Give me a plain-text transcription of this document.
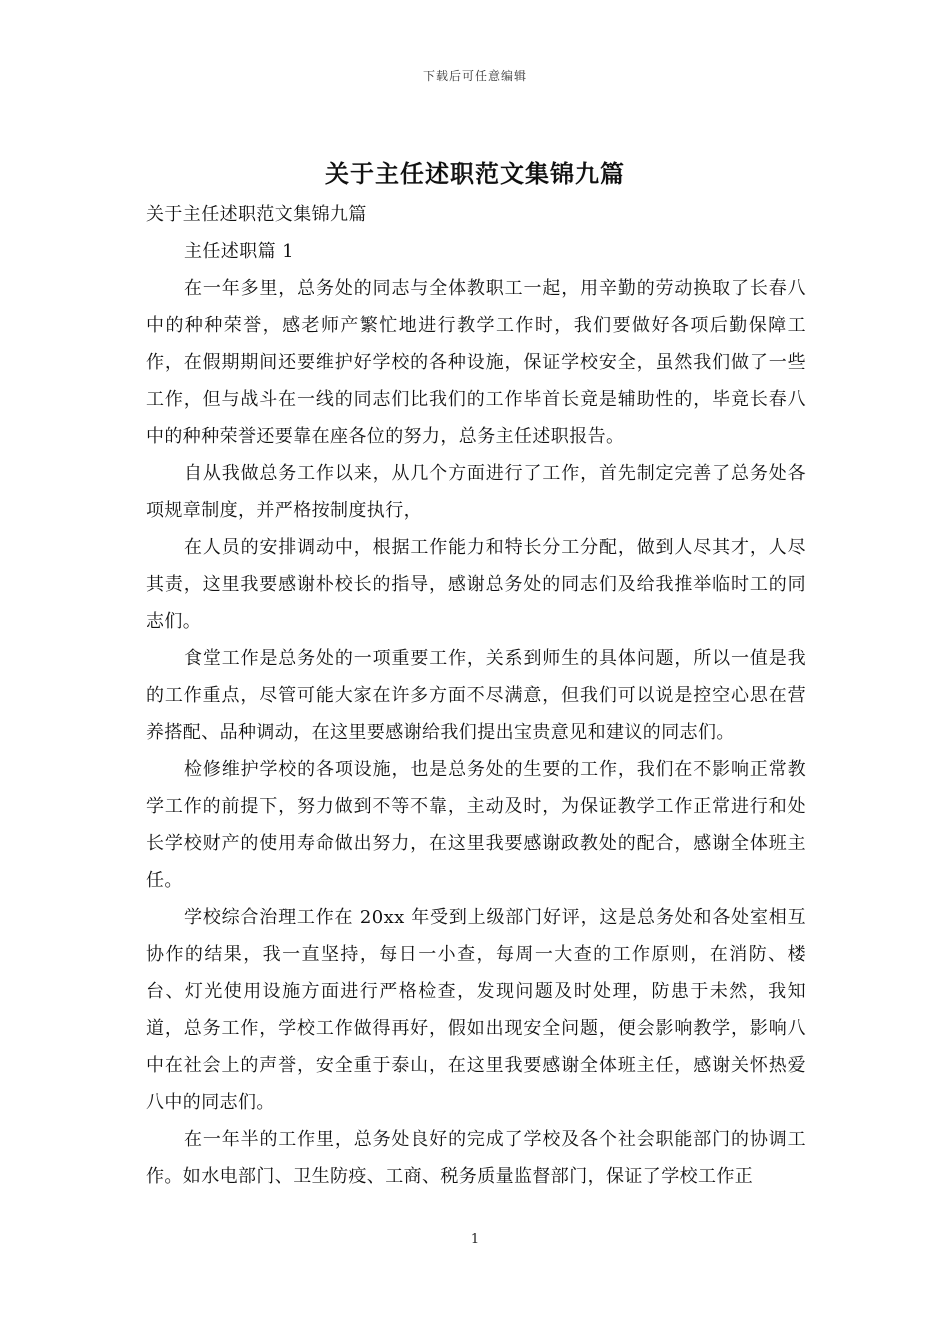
下载后可任意编辑
关于主任述职范文集锦九篇

关于主任述职范文集锦九篇

主任述职篇 1

在一年多里，总务处的同志与全体教职工一起，用辛勤的劳动换取了长春八中的种种荣誉，感老师产繁忙地进行教学工作时，我们要做好各项后勤保障工作，在假期期间还要维护好学校的各种设施，保证学校安全，虽然我们做了一些工作，但与战斗在一线的同志们比我们的工作毕首长竟是辅助性的，毕竟长春八中的种种荣誉还要靠在座各位的努力，总务主任述职报告。

自从我做总务工作以来，从几个方面进行了工作，首先制定完善了总务处各项规章制度，并严格按制度执行，

在人员的安排调动中，根据工作能力和特长分工分配，做到人尽其才，人尽其责，这里我要感谢朴校长的指导，感谢总务处的同志们及给我推举临时工的同志们。

食堂工作是总务处的一项重要工作，关系到师生的具体问题，所以一值是我的工作重点，尽管可能大家在许多方面不尽满意，但我们可以说是控空心思在营养搭配、品种调动，在这里要感谢给我们提出宝贵意见和建议的同志们。

检修维护学校的各项设施，也是总务处的生要的工作，我们在不影响正常教学工作的前提下，努力做到不等不靠，主动及时，为保证教学工作正常进行和处长学校财产的使用寿命做出努力，在这里我要感谢政教处的配合，感谢全体班主任。

学校综合治理工作在 20xx 年受到上级部门好评，这是总务处和各处室相互协作的结果，我一直坚持，每日一小查，每周一大查的工作原则，在消防、楼台、灯光使用设施方面进行严格检查，发现问题及时处理，防患于未然，我知道，总务工作，学校工作做得再好，假如出现安全问题，便会影响教学，影响八中在社会上的声誉，安全重于泰山，在这里我要感谢全体班主任，感谢关怀热爱八中的同志们。

在一年半的工作里，总务处良好的完成了学校及各个社会职能部门的协调工作。如水电部门、卫生防疫、工商、税务质量监督部门，保证了学校工作正

1
